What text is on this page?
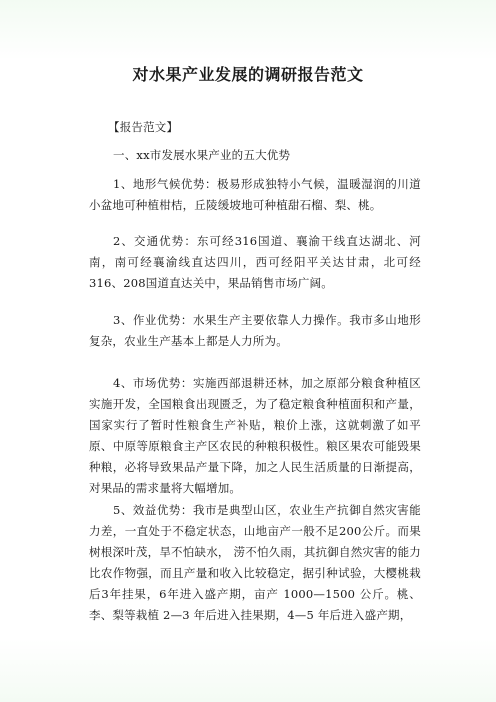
对水果产业发展的调研报告范文
【报告范文】
一、xx市发展水果产业的五大优势
1、地形气候优势：极易形成独特小气候，温暖湿润的川道小盆地可种植柑桔，丘陵缓坡地可种植甜石榴、梨、桃。
2、交通优势：东可经316国道、襄渝干线直达湖北、河南，南可经襄渝线直达四川，西可经阳平关达甘肃，北可经316、208国道直达关中，果品销售市场广阔。
3、作业优势：水果生产主要依靠人力操作。我市多山地形复杂，农业生产基本上都是人力所为。
4、市场优势：实施西部退耕还林，加之原部分粮食种植区实施开发，全国粮食出现匮乏，为了稳定粮食种植面积和产量，国家实行了暂时性粮食生产补贴，粮价上涨，这就刺激了如平原、中原等原粮食主产区农民的种粮积极性。粮区果农可能毁果种粮，必将导致果品产量下降，加之人民生活质量的日渐提高，对果品的需求量将大幅增加。
5、效益优势：我市是典型山区，农业生产抗御自然灾害能力差，一直处于不稳定状态，山地亩产一般不足200公斤。而果树根深叶茂，旱不怕缺水， 涝不怕久雨，其抗御自然灾害的能力比农作物强，而且产量和收入比较稳定，据引种试验，大樱桃栽后3年挂果，6年进入盛产期，亩产 1000—1500 公斤。桃、李、梨等栽植 2—3 年后进入挂果期，4—5 年后进入盛产期，
